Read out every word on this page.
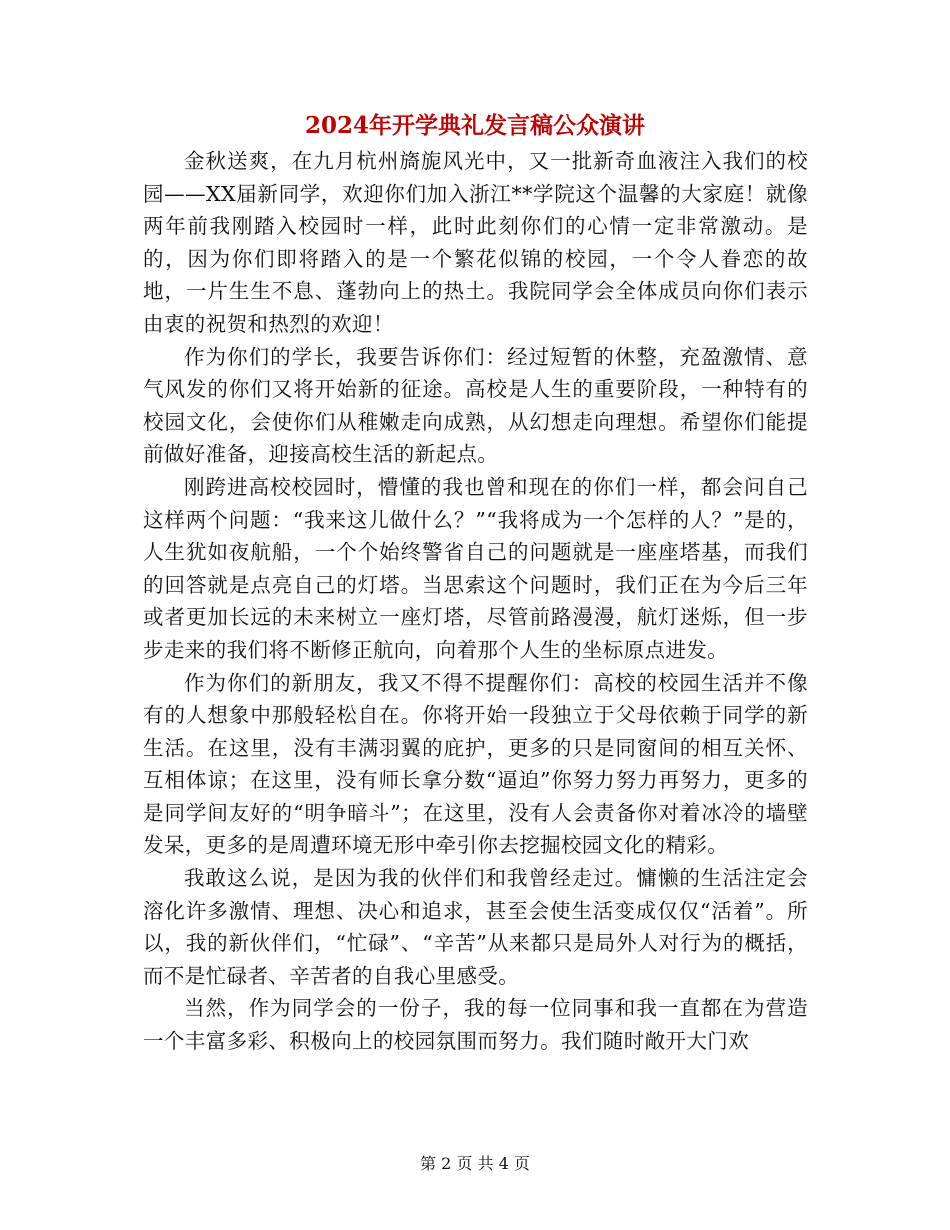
2024年开学典礼发言稿公众演讲

金秋送爽，在九月杭州旖旎风光中，又一批新奇血液注入我们的校园——XX届新同学，欢迎你们加入浙江**学院这个温馨的大家庭！就像两年前我刚踏入校园时一样，此时此刻你们的心情一定非常激动。是的，因为你们即将踏入的是一个繁花似锦的校园，一个令人眷恋的故地，一片生生不息、蓬勃向上的热土。我院同学会全体成员向你们表示由衷的祝贺和热烈的欢迎！

作为你们的学长，我要告诉你们：经过短暂的休整，充盈激情、意气风发的你们又将开始新的征途。高校是人生的重要阶段，一种特有的校园文化，会使你们从稚嫩走向成熟，从幻想走向理想。希望你们能提前做好准备，迎接高校生活的新起点。

刚跨进高校校园时，懵懂的我也曾和现在的你们一样，都会问自己这样两个问题：“我来这儿做什么？”“我将成为一个怎样的人？”是的，人生犹如夜航船，一个个始终警省自己的问题就是一座座塔基，而我们的回答就是点亮自己的灯塔。当思索这个问题时，我们正在为今后三年或者更加长远的未来树立一座灯塔，尽管前路漫漫，航灯迷烁，但一步步走来的我们将不断修正航向，向着那个人生的坐标原点进发。

作为你们的新朋友，我又不得不提醒你们：高校的校园生活并不像有的人想象中那般轻松自在。你将开始一段独立于父母依赖于同学的新生活。在这里，没有丰满羽翼的庇护，更多的只是同窗间的相互关怀、互相体谅；在这里，没有师长拿分数“逼迫”你努力努力再努力，更多的是同学间友好的“明争暗斗”；在这里，没有人会责备你对着冰冷的墙壁发呆，更多的是周遭环境无形中牵引你去挖掘校园文化的精彩。

我敢这么说，是因为我的伙伴们和我曾经走过。慵懒的生活注定会溶化许多激情、理想、决心和追求，甚至会使生活变成仅仅“活着”。所以，我的新伙伴们，“忙碌”、“辛苦”从来都只是局外人对行为的概括，而不是忙碌者、辛苦者的自我心里感受。

当然，作为同学会的一份子，我的每一位同事和我一直都在为营造一个丰富多彩、积极向上的校园氛围而努力。我们随时敞开大门欢

第 2 页 共 4 页
